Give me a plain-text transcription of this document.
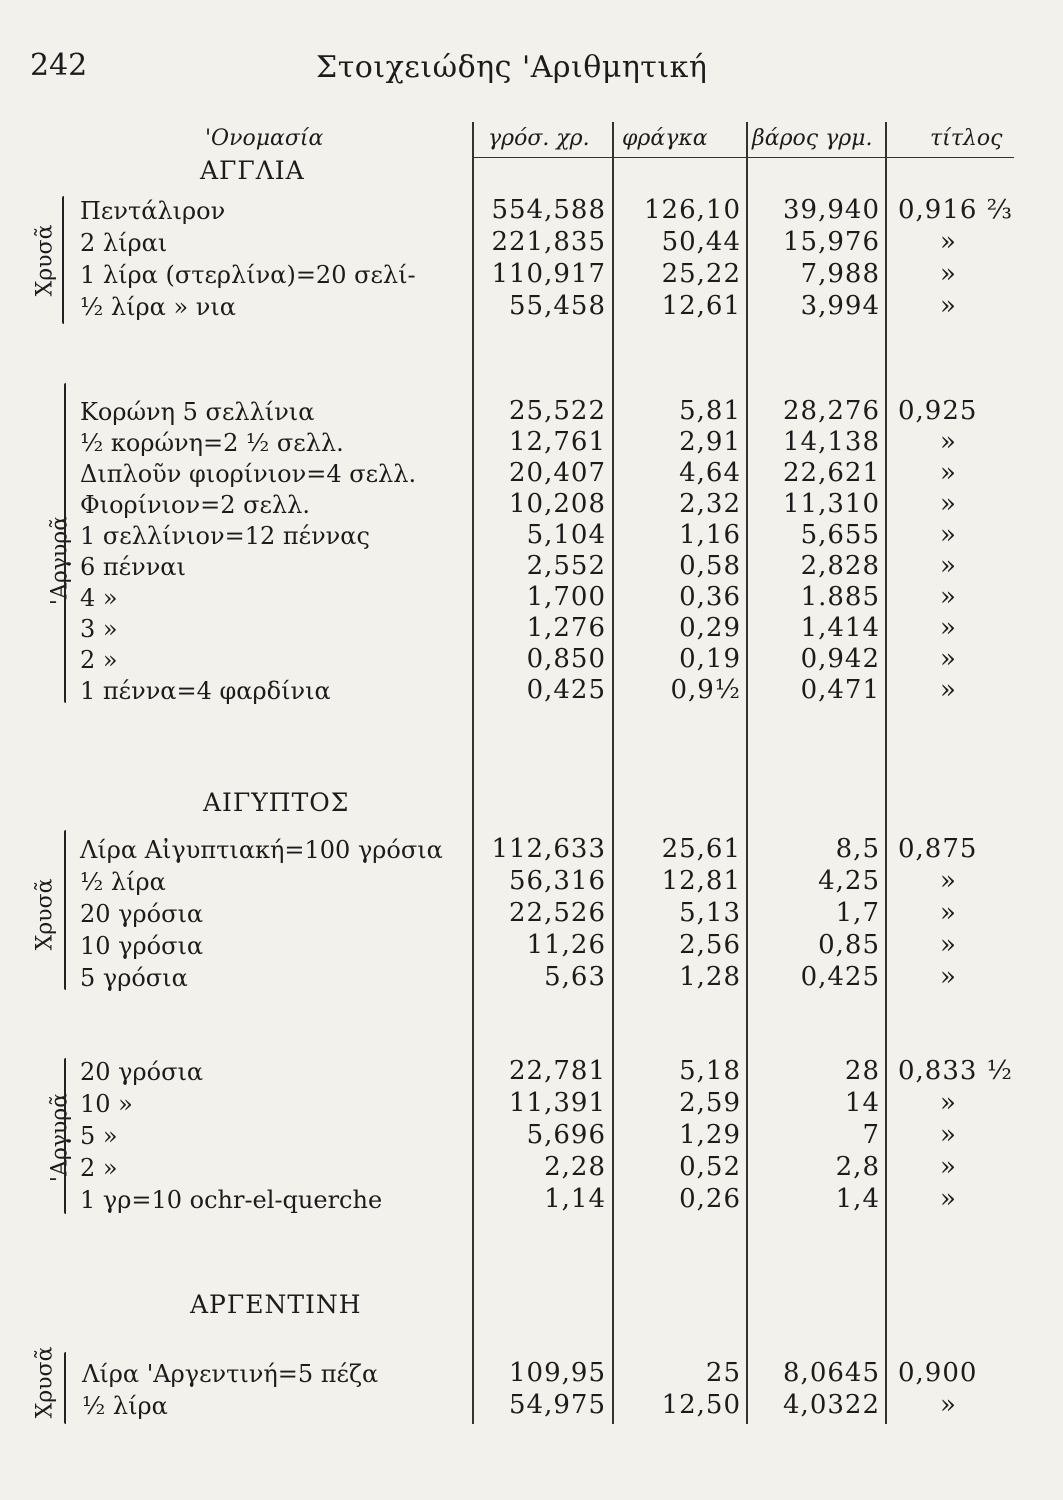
242	Στοιχειώδης 'Αριθμητική
'Ονομασία	γρόσ. χρ. φράγκα βάρος γρμ.	τίτλος
ΑΓΓΛΙΑ
Χρυσᾶ
Πεντάλιρον	554,588 126,10 39,940 0,916 ⅔
2 λίραι	221,835 50,44 15,976 »
1 λίρα (στερλίνα)=20 σελί-	110,917 25,22 7,988 »
½ λίρα » νια	55,458 12,61 3,994 »
'Αργυρᾶ
Κορώνη 5 σελλίνια	25,522	5,81 28,276 0,925
½ κορώνη=2 ½ σελλ.	12,761	2,91 14,138 »
Διπλοῦν φιορίνιον=4 σελλ.	20,407	4,64 22,621 »
Φιορίνιον=2 σελλ.	10,208	2,32 11,310 »
1 σελλίνιον=12 πέννας	5,104	1,16 5,655 »
6 πένναι	2,552	0,58 2,828 »
4 »	1,700	0,36 1.885 »
3 »	1,276	0,29 1,414 »
2 »	0,850	0,19 0,942 »
1 πέννα=4 φαρδίνια	0,425 0,9½ 0,471 »
ΑΙΓΥΠΤΟΣ
Χρυσᾶ
Λίρα Αἰγυπτιακή=100 γρόσια 112,633 25,61	8,5 0,875
½ λίρα	56,316 12,81	4,25 »
20 γρόσια	22,526	5,13	1,7 »
10 γρόσια	11,26	2,56	0,85 »
5 γρόσια	5,63	1,28 0,425 »
'Αργυρᾶ
20 γρόσια	22,781	5,18	28 0,833 ½
10 »	11,391	2,59	14 »
5 »	5,696	1,29	7 »
2 »	2,28	0,52	2,8 »
1 γρ=10 ochr-el-querche	1,14	0,26	1,4 »
ΑΡΓΕΝΤΙΝΗ
Χρυσᾶ Λίρα 'Αργεντινή=5 πέζα	109,95	25 8,0645 0,900
½ λίρα	54,975 12,50 4,0322 »
